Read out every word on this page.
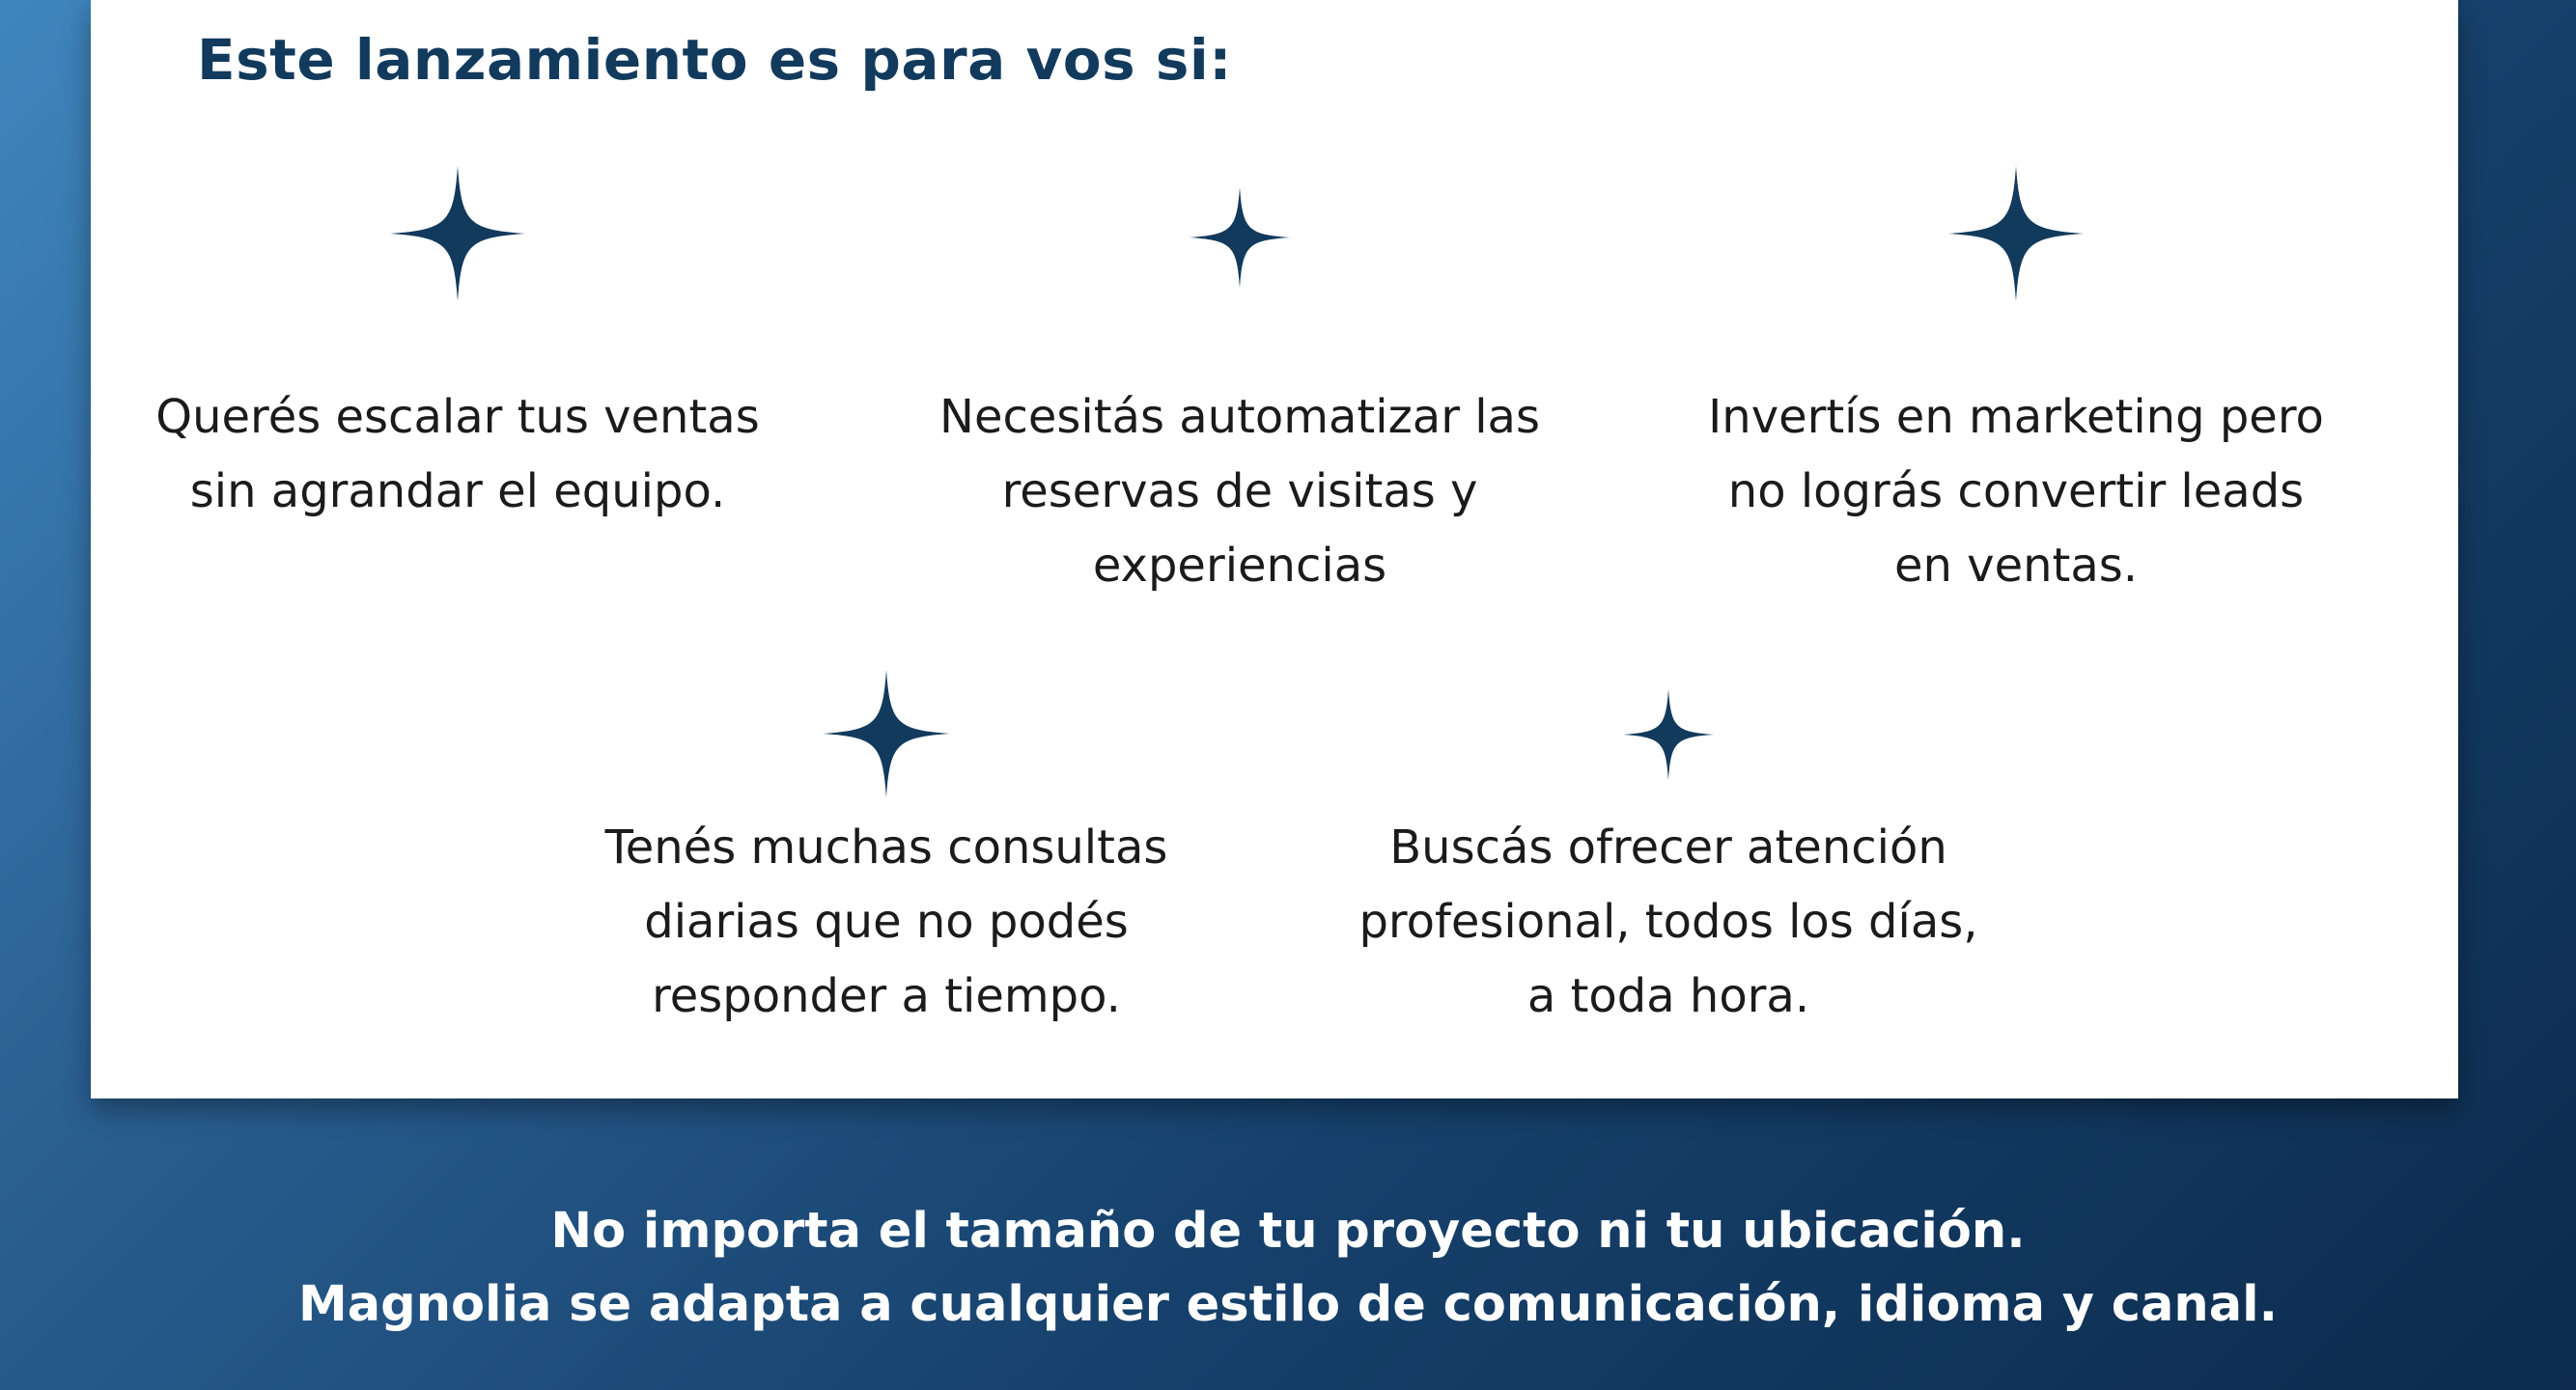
Este lanzamiento es para vos si:
Querés escalar tus ventas
sin agrandar el equipo.
Necesitás automatizar las
reservas de visitas y
experiencias
Invertís en marketing pero
no lográs convertir leads
en ventas.
Tenés muchas consultas
diarias que no podés
responder a tiempo.
Buscás ofrecer atención
profesional, todos los días,
a toda hora.
No importa el tamaño de tu proyecto ni tu ubicación.
Magnolia se adapta a cualquier estilo de comunicación, idioma y canal.
